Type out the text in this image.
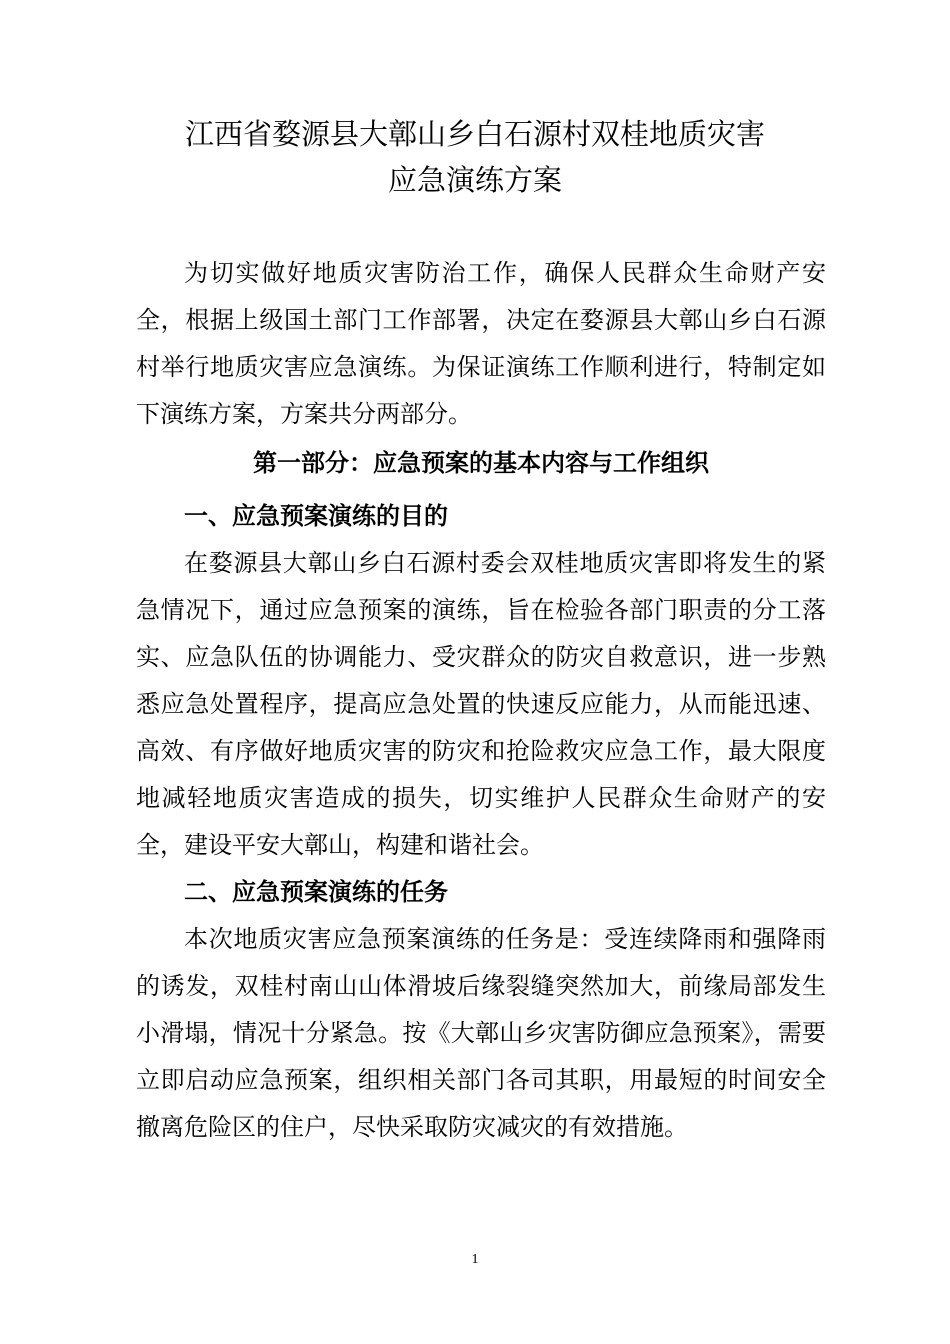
江西省婺源县大鄣山乡白石源村双桂地质灾害
应急演练方案

为切实做好地质灾害防治工作，确保人民群众生命财产安全，根据上级国土部门工作部署，决定在婺源县大鄣山乡白石源村举行地质灾害应急演练。为保证演练工作顺利进行，特制定如下演练方案，方案共分两部分。

第一部分：应急预案的基本内容与工作组织

一、应急预案演练的目的

在婺源县大鄣山乡白石源村委会双桂地质灾害即将发生的紧急情况下，通过应急预案的演练，旨在检验各部门职责的分工落实、应急队伍的协调能力、受灾群众的防灾自救意识，进一步熟悉应急处置程序，提高应急处置的快速反应能力，从而能迅速、高效、有序做好地质灾害的防灾和抢险救灾应急工作，最大限度地减轻地质灾害造成的损失，切实维护人民群众生命财产的安全，建设平安大鄣山，构建和谐社会。

二、应急预案演练的任务

本次地质灾害应急预案演练的任务是：受连续降雨和强降雨的诱发，双桂村南山山体滑坡后缘裂缝突然加大，前缘局部发生小滑塌，情况十分紧急。按《大鄣山乡灾害防御应急预案》，需要立即启动应急预案，组织相关部门各司其职，用最短的时间安全撤离危险区的住户，尽快采取防灾减灾的有效措施。

1
